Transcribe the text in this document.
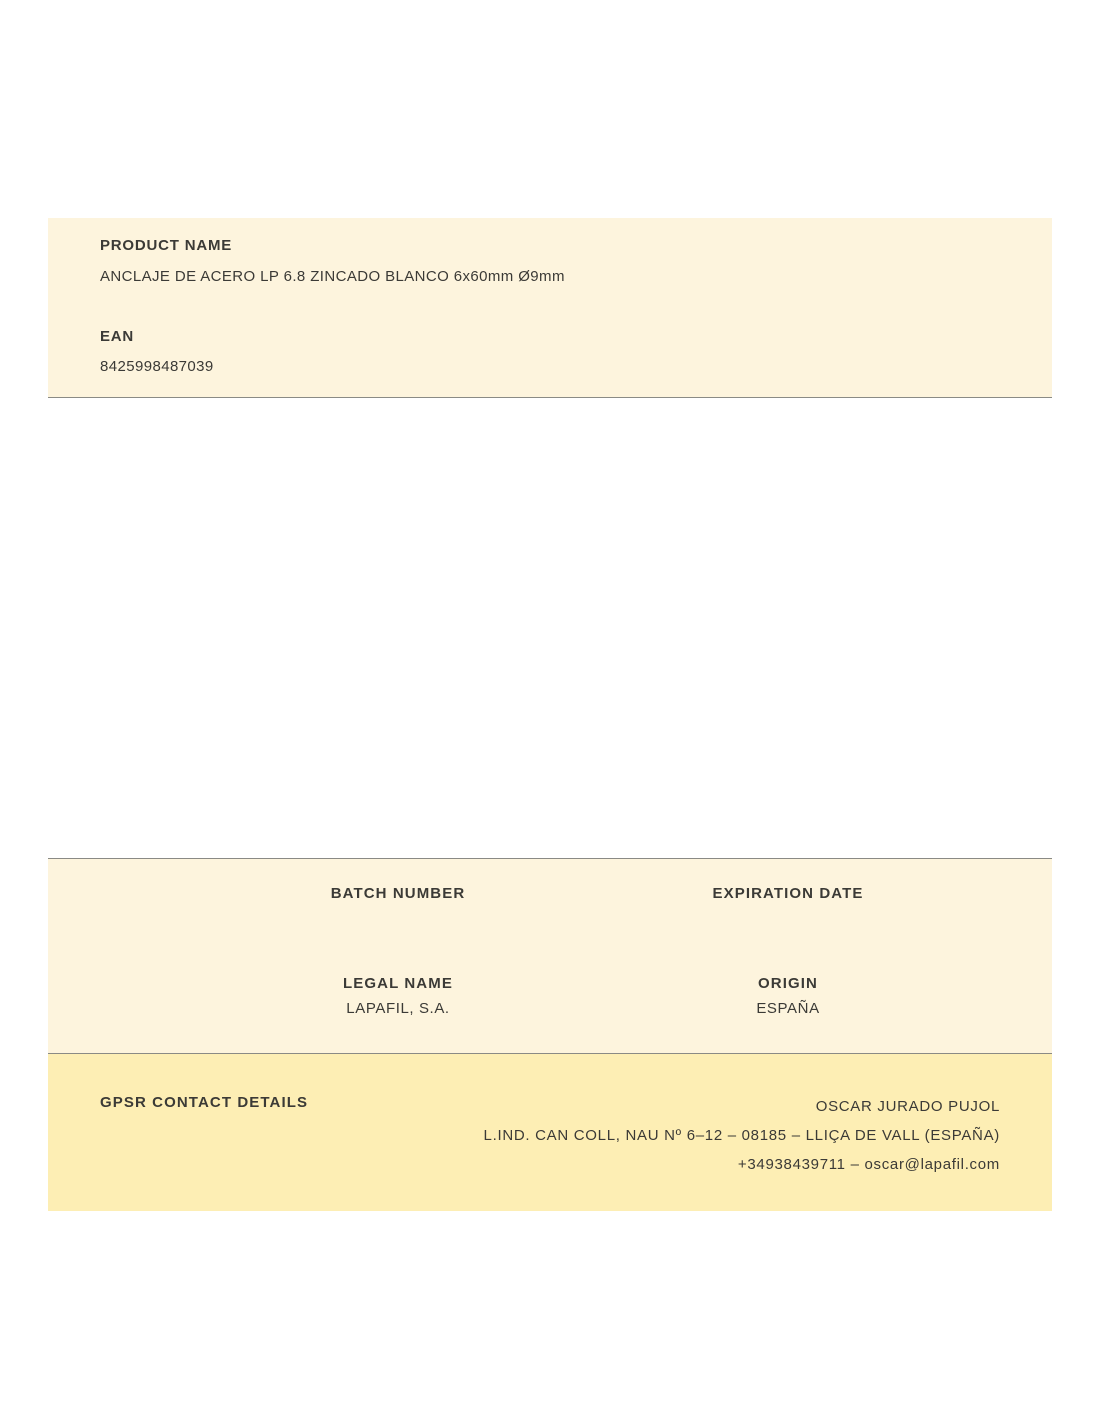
PRODUCT NAME
ANCLAJE DE ACERO LP 6.8 ZINCADO BLANCO 6x60mm Ø9mm
EAN
8425998487039
BATCH NUMBER	EXPIRATION DATE
LEGAL NAME
LAPAFIL, S.A.
ORIGIN
ESPAÑA
GPSR CONTACT DETAILS	OSCAR JURADO PUJOL
L.IND. CAN COLL, NAU Nº 6–12 – 08185 – LLIÇA DE VALL (ESPAÑA)
+34938439711 – oscar@lapafil.com
